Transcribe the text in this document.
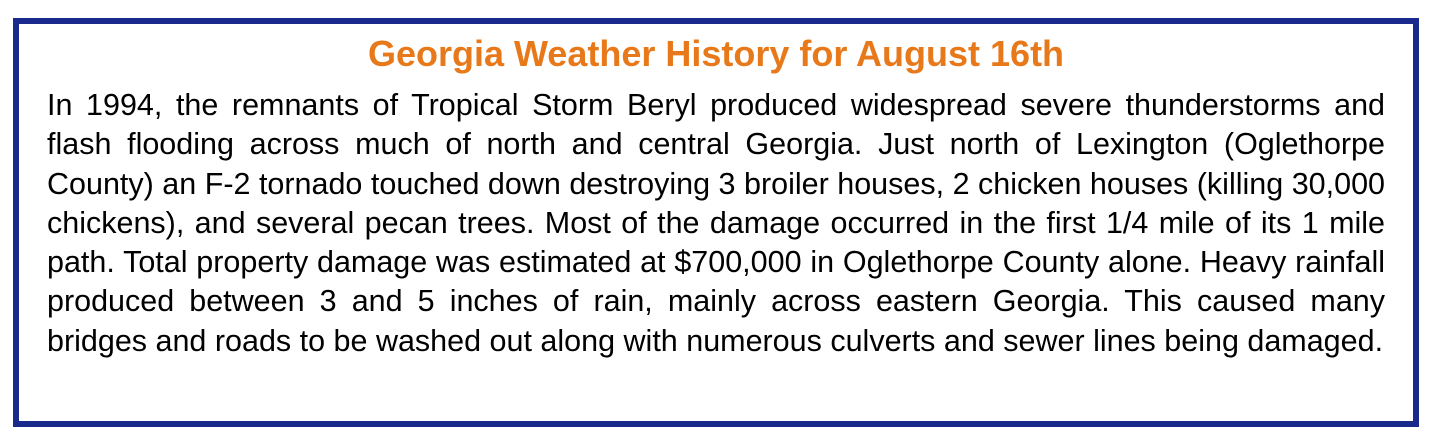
Georgia Weather History for August 16th

In 1994, the remnants of Tropical Storm Beryl produced widespread severe thunderstorms and flash flooding across much of north and central Georgia. Just north of Lexington (Oglethorpe County) an F-2 tornado touched down destroying 3 broiler houses, 2 chicken houses (killing 30,000 chickens), and several pecan trees. Most of the damage occurred in the first 1/4 mile of its 1 mile path. Total property damage was estimated at $700,000 in Oglethorpe County alone. Heavy rainfall produced between 3 and 5 inches of rain, mainly across eastern Georgia. This caused many bridges and roads to be washed out along with numerous culverts and sewer lines being damaged.
